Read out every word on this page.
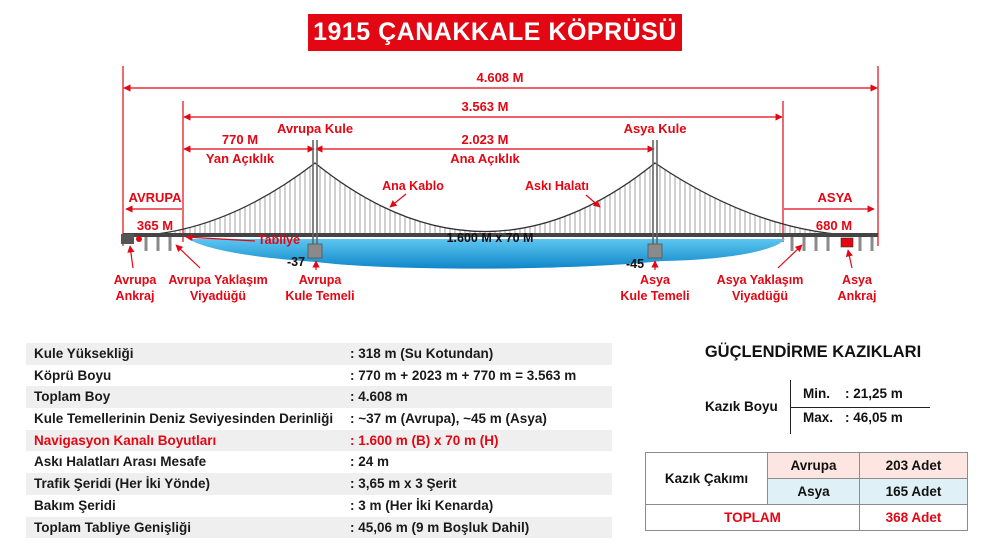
1915 ÇANAKKALE KÖPRÜSÜ
4.608 M
3.563 M
770 M
Yan Açıklık
2.023 M
Ana Açıklık
Avrupa Kule	Asya Kule
AVRUPA
365 M
ASYA
680 M
Ana Kablo	Askı Halatı
Tabliye	1.600 M x 70 M
-37	-45
Avrupa
Ankraj
Avrupa Yaklaşım
Viyadüğü
Avrupa
Kule Temeli
Asya
Kule Temeli
Asya Yaklaşım
Viyadüğü
Asya
Ankraj
Kule Yüksekliği	: 318 m (Su Kotundan)
Köprü Boyu	: 770 m + 2023 m + 770 m = 3.563 m
Toplam Boy	: 4.608 m
Kule Temellerinin Deniz Seviyesinden Derinliği : ~37 m (Avrupa), ~45 m (Asya)
Navigasyon Kanalı Boyutları	: 1.600 m (B) x 70 m (H)
Askı Halatları Arası Mesafe	: 24 m
Trafik Şeridi (Her İki Yönde)	: 3,65 m x 3 Şerit
Bakım Şeridi	: 3 m (Her İki Kenarda)
Toplam Tabliye Genişliği	: 45,06 m (9 m Boşluk Dahil)
GÜÇLENDİRME KAZIKLARI
Kazık Boyu
Min. : 21,25 m
Max. : 46,05 m
Kazık Çakımı	Avrupa	203 Adet
	Asya	165 Adet
TOPLAM		368 Adet
